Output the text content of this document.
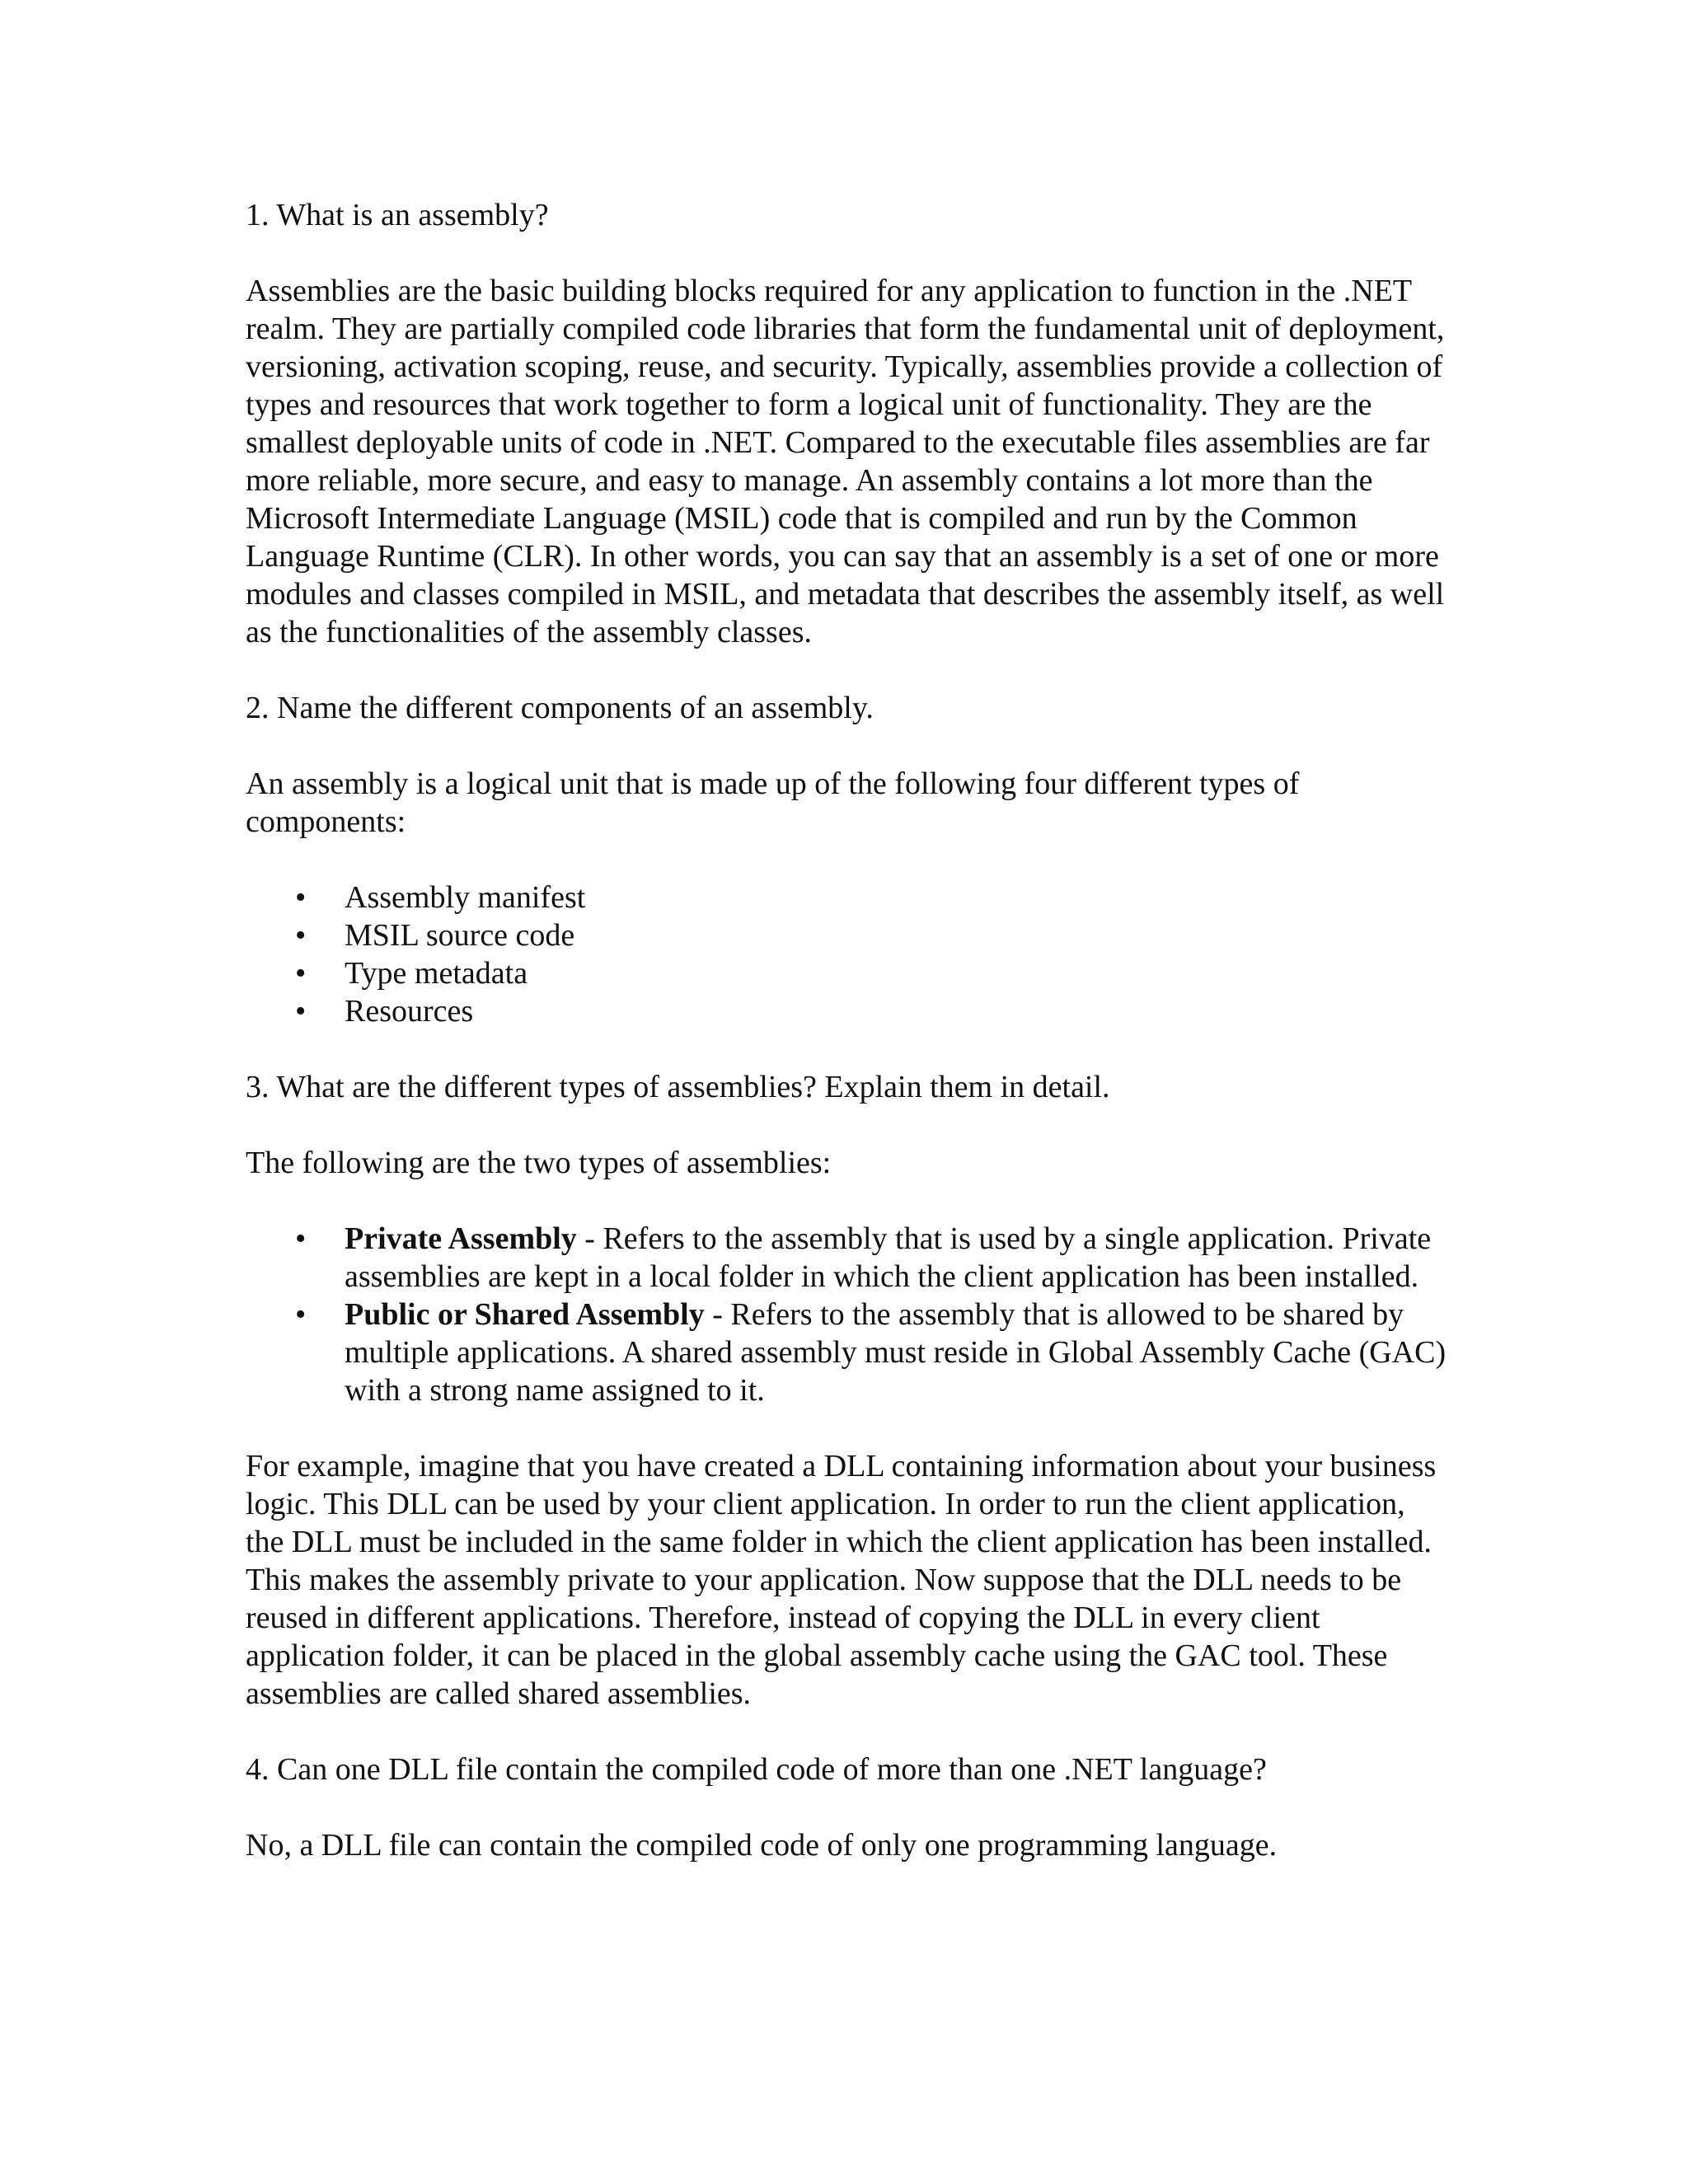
1. What is an assembly?

Assemblies are the basic building blocks required for any application to function in the .NET realm. They are partially compiled code libraries that form the fundamental unit of deployment, versioning, activation scoping, reuse, and security. Typically, assemblies provide a collection of types and resources that work together to form a logical unit of functionality. They are the smallest deployable units of code in .NET. Compared to the executable files assemblies are far more reliable, more secure, and easy to manage. An assembly contains a lot more than the Microsoft Intermediate Language (MSIL) code that is compiled and run by the Common Language Runtime (CLR). In other words, you can say that an assembly is a set of one or more modules and classes compiled in MSIL, and metadata that describes the assembly itself, as well as the functionalities of the assembly classes.

2. Name the different components of an assembly.

An assembly is a logical unit that is made up of the following four different types of components:

• Assembly manifest
• MSIL source code
• Type metadata
• Resources

3. What are the different types of assemblies? Explain them in detail.

The following are the two types of assemblies:

• Private Assembly - Refers to the assembly that is used by a single application. Private assemblies are kept in a local folder in which the client application has been installed.
• Public or Shared Assembly - Refers to the assembly that is allowed to be shared by multiple applications. A shared assembly must reside in Global Assembly Cache (GAC) with a strong name assigned to it.

For example, imagine that you have created a DLL containing information about your business logic. This DLL can be used by your client application. In order to run the client application, the DLL must be included in the same folder in which the client application has been installed. This makes the assembly private to your application. Now suppose that the DLL needs to be reused in different applications. Therefore, instead of copying the DLL in every client application folder, it can be placed in the global assembly cache using the GAC tool. These assemblies are called shared assemblies.

4. Can one DLL file contain the compiled code of more than one .NET language?

No, a DLL file can contain the compiled code of only one programming language.
